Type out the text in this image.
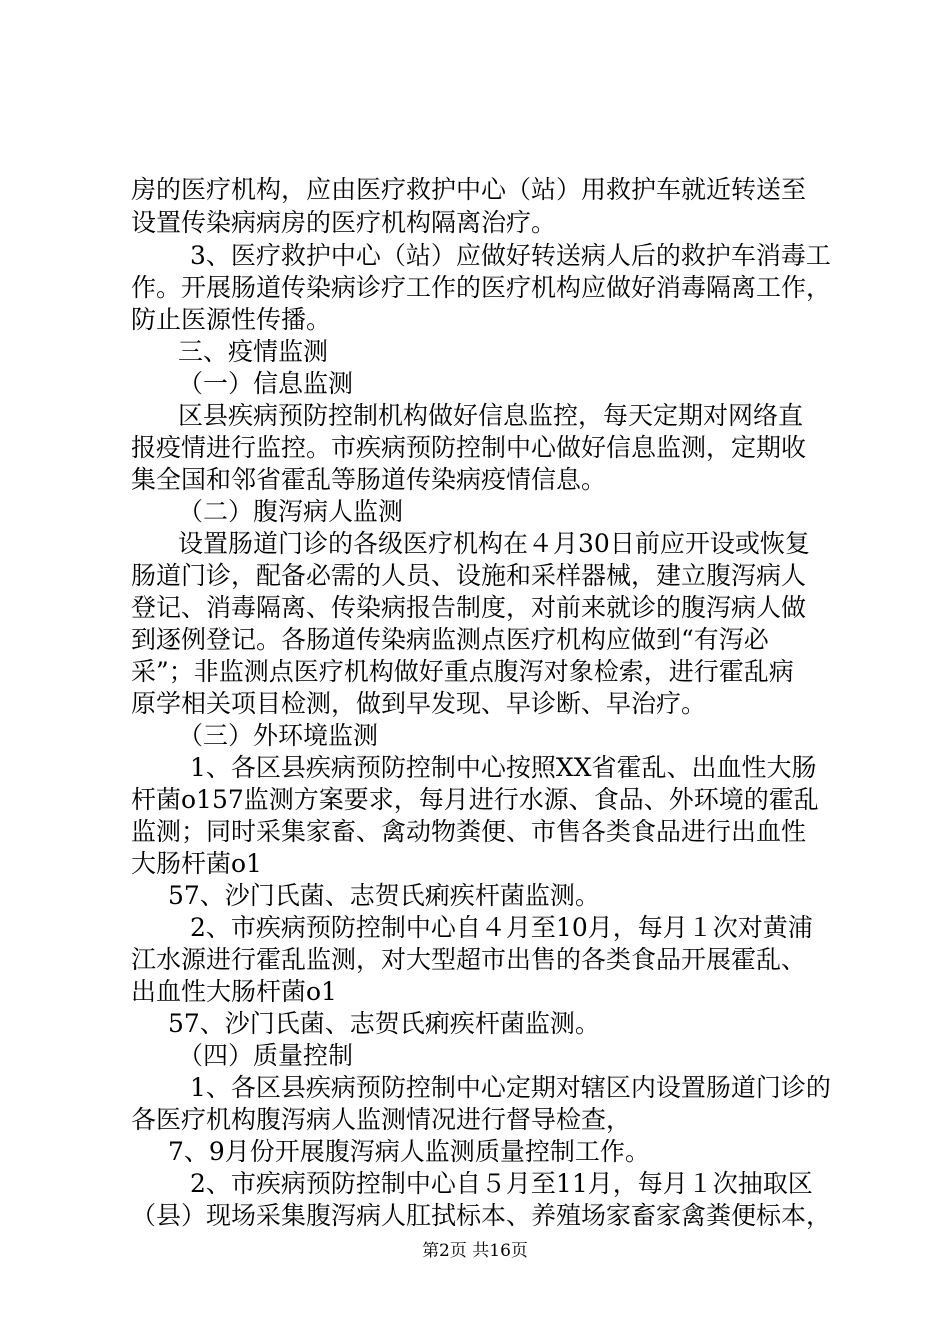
房的医疗机构，应由医疗救护中心（站）用救护车就近转送至
设置传染病病房的医疗机构隔离治疗。
3、医疗救护中心（站）应做好转送病人后的救护车消毒工
作。开展肠道传染病诊疗工作的医疗机构应做好消毒隔离工作，
防止医源性传播。
三、疫情监测
（一）信息监测
区县疾病预防控制机构做好信息监控，每天定期对网络直
报疫情进行监控。市疾病预防控制中心做好信息监测，定期收
集全国和邻省霍乱等肠道传染病疫情信息。
（二）腹泻病人监测
设置肠道门诊的各级医疗机构在４月30日前应开设或恢复
肠道门诊，配备必需的人员、设施和采样器械，建立腹泻病人
登记、消毒隔离、传染病报告制度，对前来就诊的腹泻病人做
到逐例登记。各肠道传染病监测点医疗机构应做到“有泻必
采”；非监测点医疗机构做好重点腹泻对象检索，进行霍乱病
原学相关项目检测，做到早发现、早诊断、早治疗。
（三）外环境监测
1、各区县疾病预防控制中心按照XX省霍乱、出血性大肠
杆菌o157监测方案要求，每月进行水源、食品、外环境的霍乱
监测；同时采集家畜、禽动物粪便、市售各类食品进行出血性
大肠杆菌o1
57、沙门氏菌、志贺氏痢疾杆菌监测。
2、市疾病预防控制中心自４月至10月，每月１次对黄浦
江水源进行霍乱监测，对大型超市出售的各类食品开展霍乱、
出血性大肠杆菌o1
57、沙门氏菌、志贺氏痢疾杆菌监测。
（四）质量控制
1、各区县疾病预防控制中心定期对辖区内设置肠道门诊的
各医疗机构腹泻病人监测情况进行督导检查，
7、9月份开展腹泻病人监测质量控制工作。
2、市疾病预防控制中心自５月至11月，每月１次抽取区
（县）现场采集腹泻病人肛拭标本、养殖场家畜家禽粪便标本，
第2页 共16页
